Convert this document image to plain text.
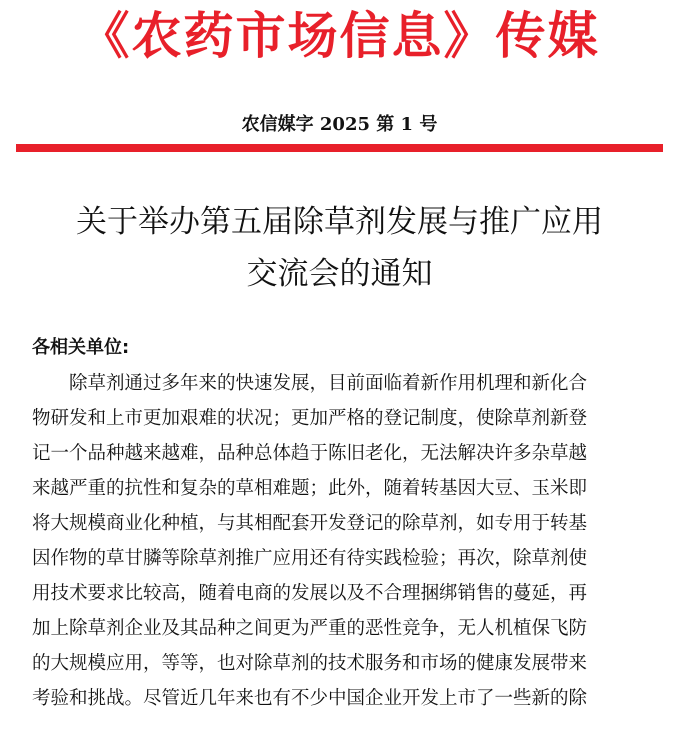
《农药市场信息》传媒
农信媒字 2025 第 1 号
关于举办第五届除草剂发展与推广应用
交流会的通知
各相关单位:
除草剂通过多年来的快速发展，目前面临着新作用机理和新化合
物研发和上市更加艰难的状况；更加严格的登记制度，使除草剂新登
记一个品种越来越难，品种总体趋于陈旧老化，无法解决许多杂草越
来越严重的抗性和复杂的草相难题；此外，随着转基因大豆、玉米即
将大规模商业化种植，与其相配套开发登记的除草剂，如专用于转基
因作物的草甘膦等除草剂推广应用还有待实践检验；再次，除草剂使
用技术要求比较高，随着电商的发展以及不合理捆绑销售的蔓延，再
加上除草剂企业及其品种之间更为严重的恶性竞争，无人机植保飞防
的大规模应用，等等，也对除草剂的技术服务和市场的健康发展带来
考验和挑战。尽管近几年来也有不少中国企业开发上市了一些新的除
